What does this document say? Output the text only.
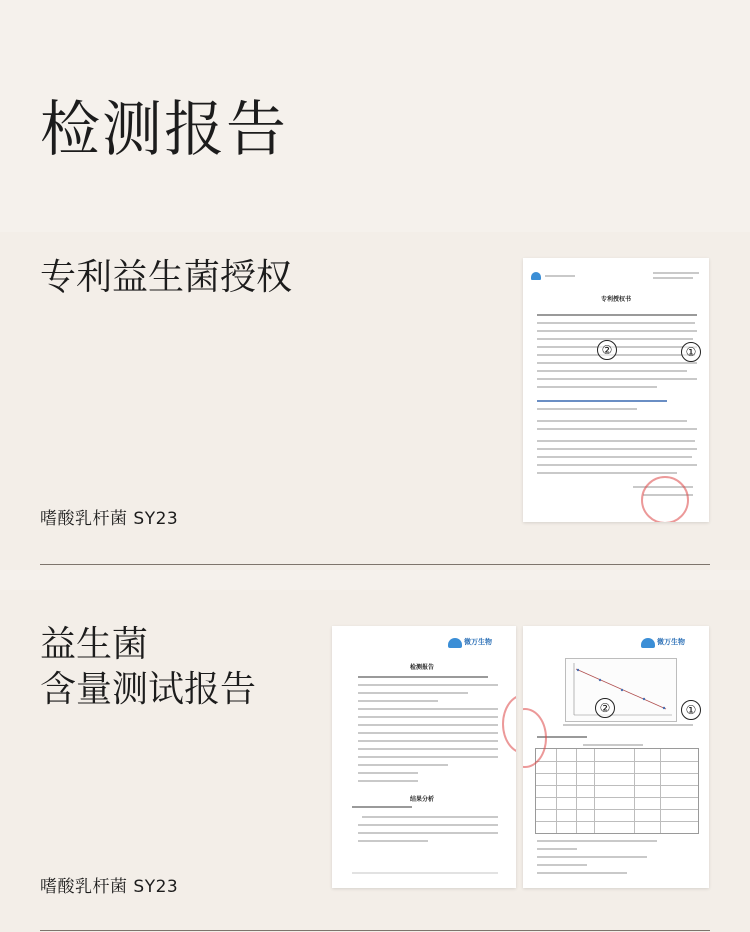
检测报告
专利益生菌授权
嗜酸乳杆菌 SY23
专利授权书
②	①
益生菌
含量测试报告
嗜酸乳杆菌 SY23
微万生物
检测报告
结果分析
微万生物
②	①
